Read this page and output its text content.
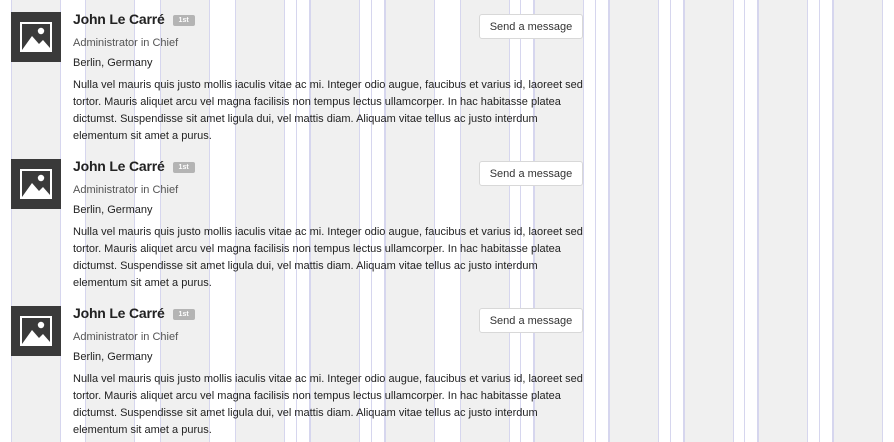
John Le Carré	1st
Administrator in Chief
Berlin, Germany
Nulla vel mauris quis justo mollis iaculis vitae ac mi. Integer odio augue, faucibus et varius id, laoreet sed tortor. Mauris aliquet arcu vel magna facilisis non tempus lectus ullamcorper. In hac habitasse platea dictumst. Suspendisse sit amet ligula dui, vel mattis diam. Aliquam vitae tellus ac justo interdum elementum sit amet a purus.
Send a message
John Le Carré	1st
Administrator in Chief
Berlin, Germany
Nulla vel mauris quis justo mollis iaculis vitae ac mi. Integer odio augue, faucibus et varius id, laoreet sed tortor. Mauris aliquet arcu vel magna facilisis non tempus lectus ullamcorper. In hac habitasse platea dictumst. Suspendisse sit amet ligula dui, vel mattis diam. Aliquam vitae tellus ac justo interdum elementum sit amet a purus.
Send a message
John Le Carré	1st
Administrator in Chief
Berlin, Germany
Nulla vel mauris quis justo mollis iaculis vitae ac mi. Integer odio augue, faucibus et varius id, laoreet sed tortor. Mauris aliquet arcu vel magna facilisis non tempus lectus ullamcorper. In hac habitasse platea dictumst. Suspendisse sit amet ligula dui, vel mattis diam. Aliquam vitae tellus ac justo interdum elementum sit amet a purus.
Send a message
